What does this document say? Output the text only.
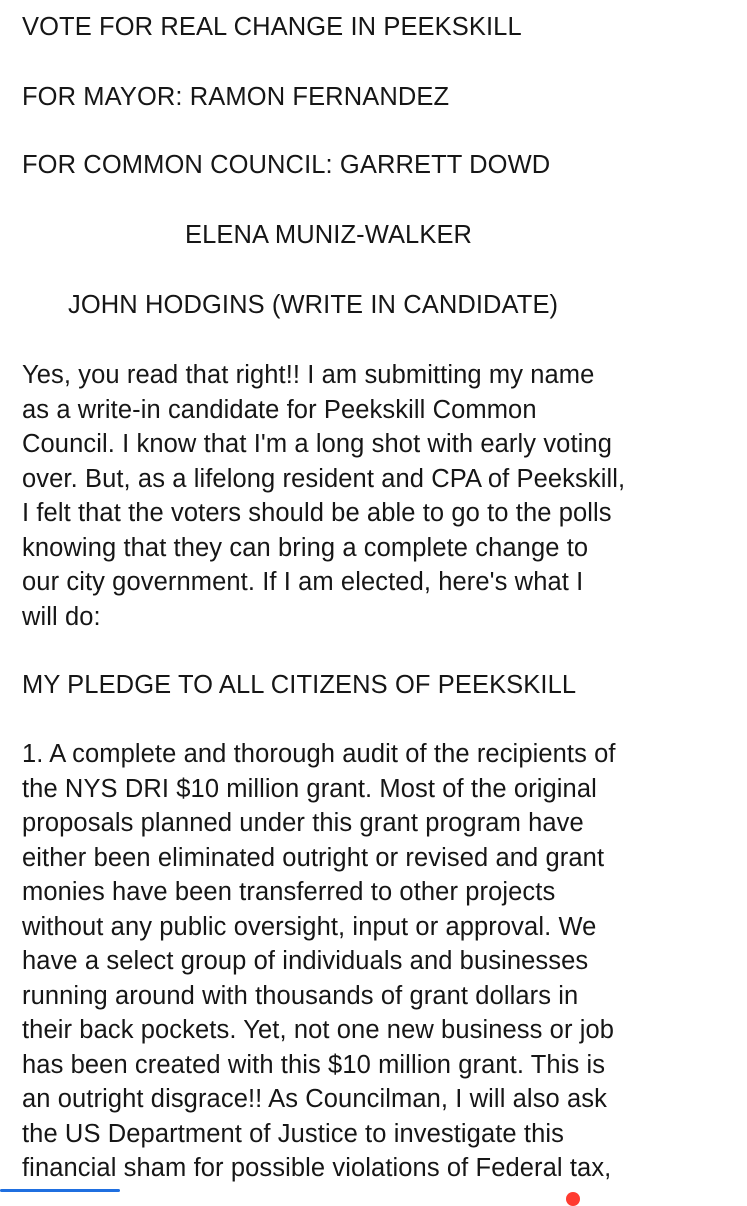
VOTE FOR REAL CHANGE IN PEEKSKILL
FOR MAYOR: RAMON FERNANDEZ
FOR COMMON COUNCIL: GARRETT DOWD
ELENA MUNIZ-WALKER
JOHN HODGINS (WRITE IN CANDIDATE)
Yes, you read that right!! I am submitting my name
as a write-in candidate for Peekskill Common
Council. I know that I'm a long shot with early voting
over. But, as a lifelong resident and CPA of Peekskill,
I felt that the voters should be able to go to the polls
knowing that they can bring a complete change to
our city government. If I am elected, here's what I
will do:
MY PLEDGE TO ALL CITIZENS OF PEEKSKILL
1. A complete and thorough audit of the recipients of
the NYS DRI $10 million grant. Most of the original
proposals planned under this grant program have
either been eliminated outright or revised and grant
monies have been transferred to other projects
without any public oversight, input or approval. We
have a select group of individuals and businesses
running around with thousands of grant dollars in
their back pockets. Yet, not one new business or job
has been created with this $10 million grant. This is
an outright disgrace!! As Councilman, I will also ask
the US Department of Justice to investigate this
financial sham for possible violations of Federal tax,
